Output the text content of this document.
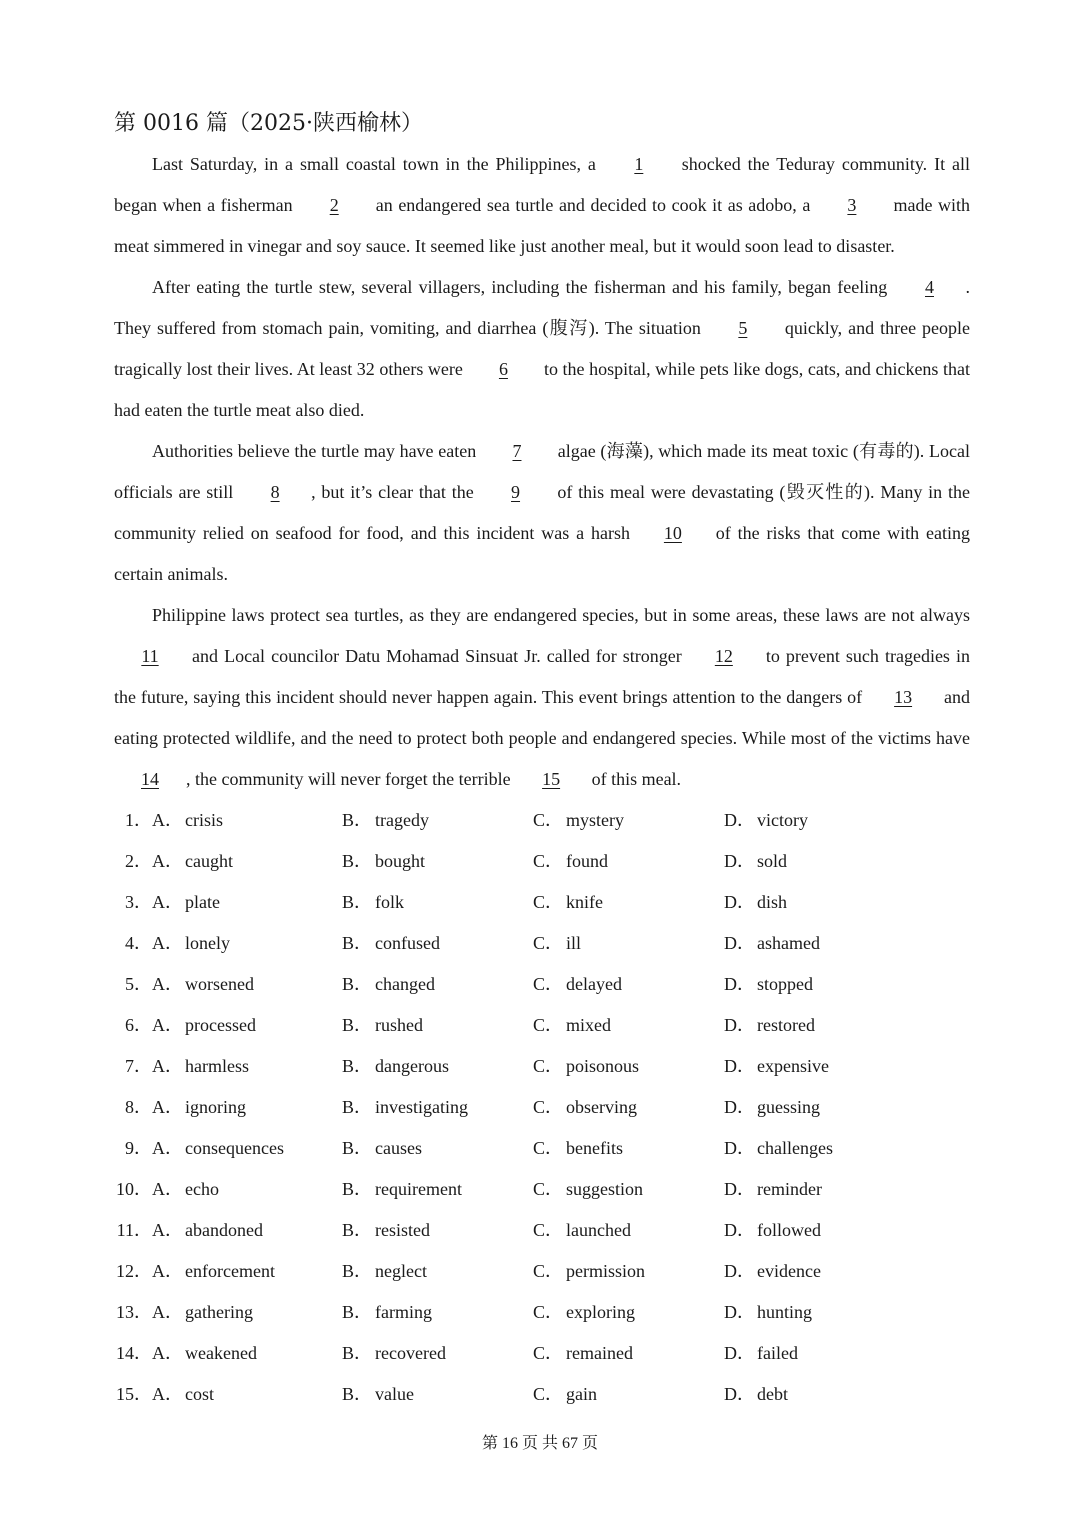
第 0016 篇（2025·陕西榆林）

Last Saturday, in a small coastal town in the Philippines, a 1 shocked the Teduray community. It all began when a fisherman 2 an endangered sea turtle and decided to cook it as adobo, a 3 made with meat simmered in vinegar and soy sauce. It seemed like just another meal, but it would soon lead to disaster.

After eating the turtle stew, several villagers, including the fisherman and his family, began feeling 4 . They suffered from stomach pain, vomiting, and diarrhea (腹泻). The situation 5 quickly, and three people tragically lost their lives. At least 32 others were 6 to the hospital, while pets like dogs, cats, and chickens that had eaten the turtle meat also died.

Authorities believe the turtle may have eaten 7 algae (海藻), which made its meat toxic (有毒的). Local officials are still 8 , but it’s clear that the 9 of this meal were devastating (毁灭性的). Many in the community relied on seafood for food, and this incident was a harsh 10 of the risks that come with eating certain animals.

Philippine laws protect sea turtles, as they are endangered species, but in some areas, these laws are not always 11 and Local councilor Datu Mohamad Sinsuat Jr. called for stronger 12 to prevent such tragedies in the future, saying this incident should never happen again. This event brings attention to the dangers of 13 and eating protected wildlife, and the need to protect both people and endangered species. While most of the victims have 14 , the community will never forget the terrible 15 of this meal.

1． A． crisis	B． tragedy	C． mystery	D． victory
2． A． caught	B． bought	C． found	D． sold
3． A． plate	B． folk	C． knife	D． dish
4． A． lonely	B． confused	C． ill	D． ashamed
5． A． worsened	B． changed	C． delayed	D． stopped
6． A． processed	B． rushed	C． mixed	D． restored
7． A． harmless	B． dangerous	C． poisonous	D． expensive
8． A． ignoring	B． investigating	C． observing	D． guessing
9． A． consequences	B． causes	C． benefits	D． challenges
10． A． echo	B． requirement	C． suggestion	D． reminder
11． A． abandoned	B． resisted	C． launched	D． followed
12． A． enforcement	B． neglect	C． permission	D． evidence
13． A． gathering	B． farming	C． exploring	D． hunting
14． A． weakened	B． recovered	C． remained	D． failed
15． A． cost	B． value	C． gain	D． debt
第 16 页 共 67 页
